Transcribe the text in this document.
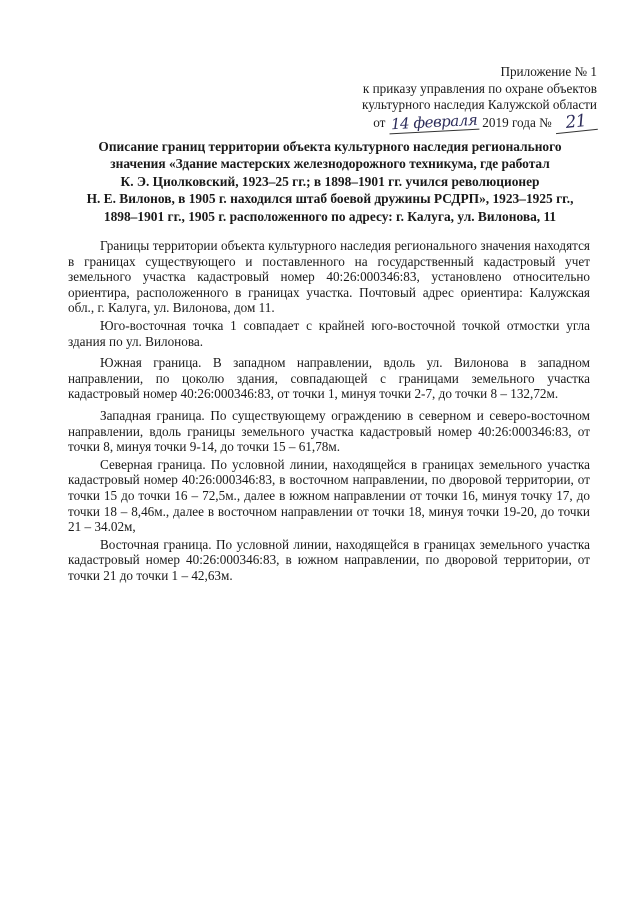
Приложение № 1
к приказу управления по охране объектов
культурного наследия Калужской области
от 14 февраля 2019 года № 21
Описание границ территории объекта культурного наследия регионального
значения «Здание мастерских железнодорожного техникума, где работал
К. Э. Циолковский, 1923–25 гг.; в 1898–1901 гг. учился революционер
Н. Е. Вилонов, в 1905 г. находился штаб боевой дружины РСДРП», 1923–1925 гг.,
1898–1901 гг., 1905 г. расположенного по адресу: г. Калуга, ул. Вилонова, 11

Границы территории объекта культурного наследия регионального значения находятся в границах существующего и поставленного на государственный кадастровый учет земельного участка кадастровый номер 40:26:000346:83, установлено относительно ориентира, расположенного в границах участка. Почтовый адрес ориентира: Калужская обл., г. Калуга, ул. Вилонова, дом 11.

Юго-восточная точка 1 совпадает с крайней юго-восточной точкой отмостки угла здания по ул. Вилонова.

Южная граница. В западном направлении, вдоль ул. Вилонова в западном направлении, по цоколю здания, совпадающей с границами земельного участка кадастровый номер 40:26:000346:83, от точки 1, минуя точки 2-7, до точки 8 – 132,72м.

Западная граница. По существующему ограждению в северном и северо-восточном направлении, вдоль границы земельного участка кадастровый номер 40:26:000346:83, от точки 8, минуя точки 9-14, до точки 15 – 61,78м.

Северная граница. По условной линии, находящейся в границах земельного участка кадастровый номер 40:26:000346:83, в восточном направлении, по дворовой территории, от точки 15 до точки 16 – 72,5м., далее в южном направлении от точки 16, минуя точку 17, до точки 18 – 8,46м., далее в восточном направлении от точки 18, минуя точки 19-20, до точки 21 – 34.02м,

Восточная граница. По условной линии, находящейся в границах земельного участка кадастровый номер 40:26:000346:83, в южном направлении, по дворовой территории, от точки 21 до точки 1 – 42,63м.
